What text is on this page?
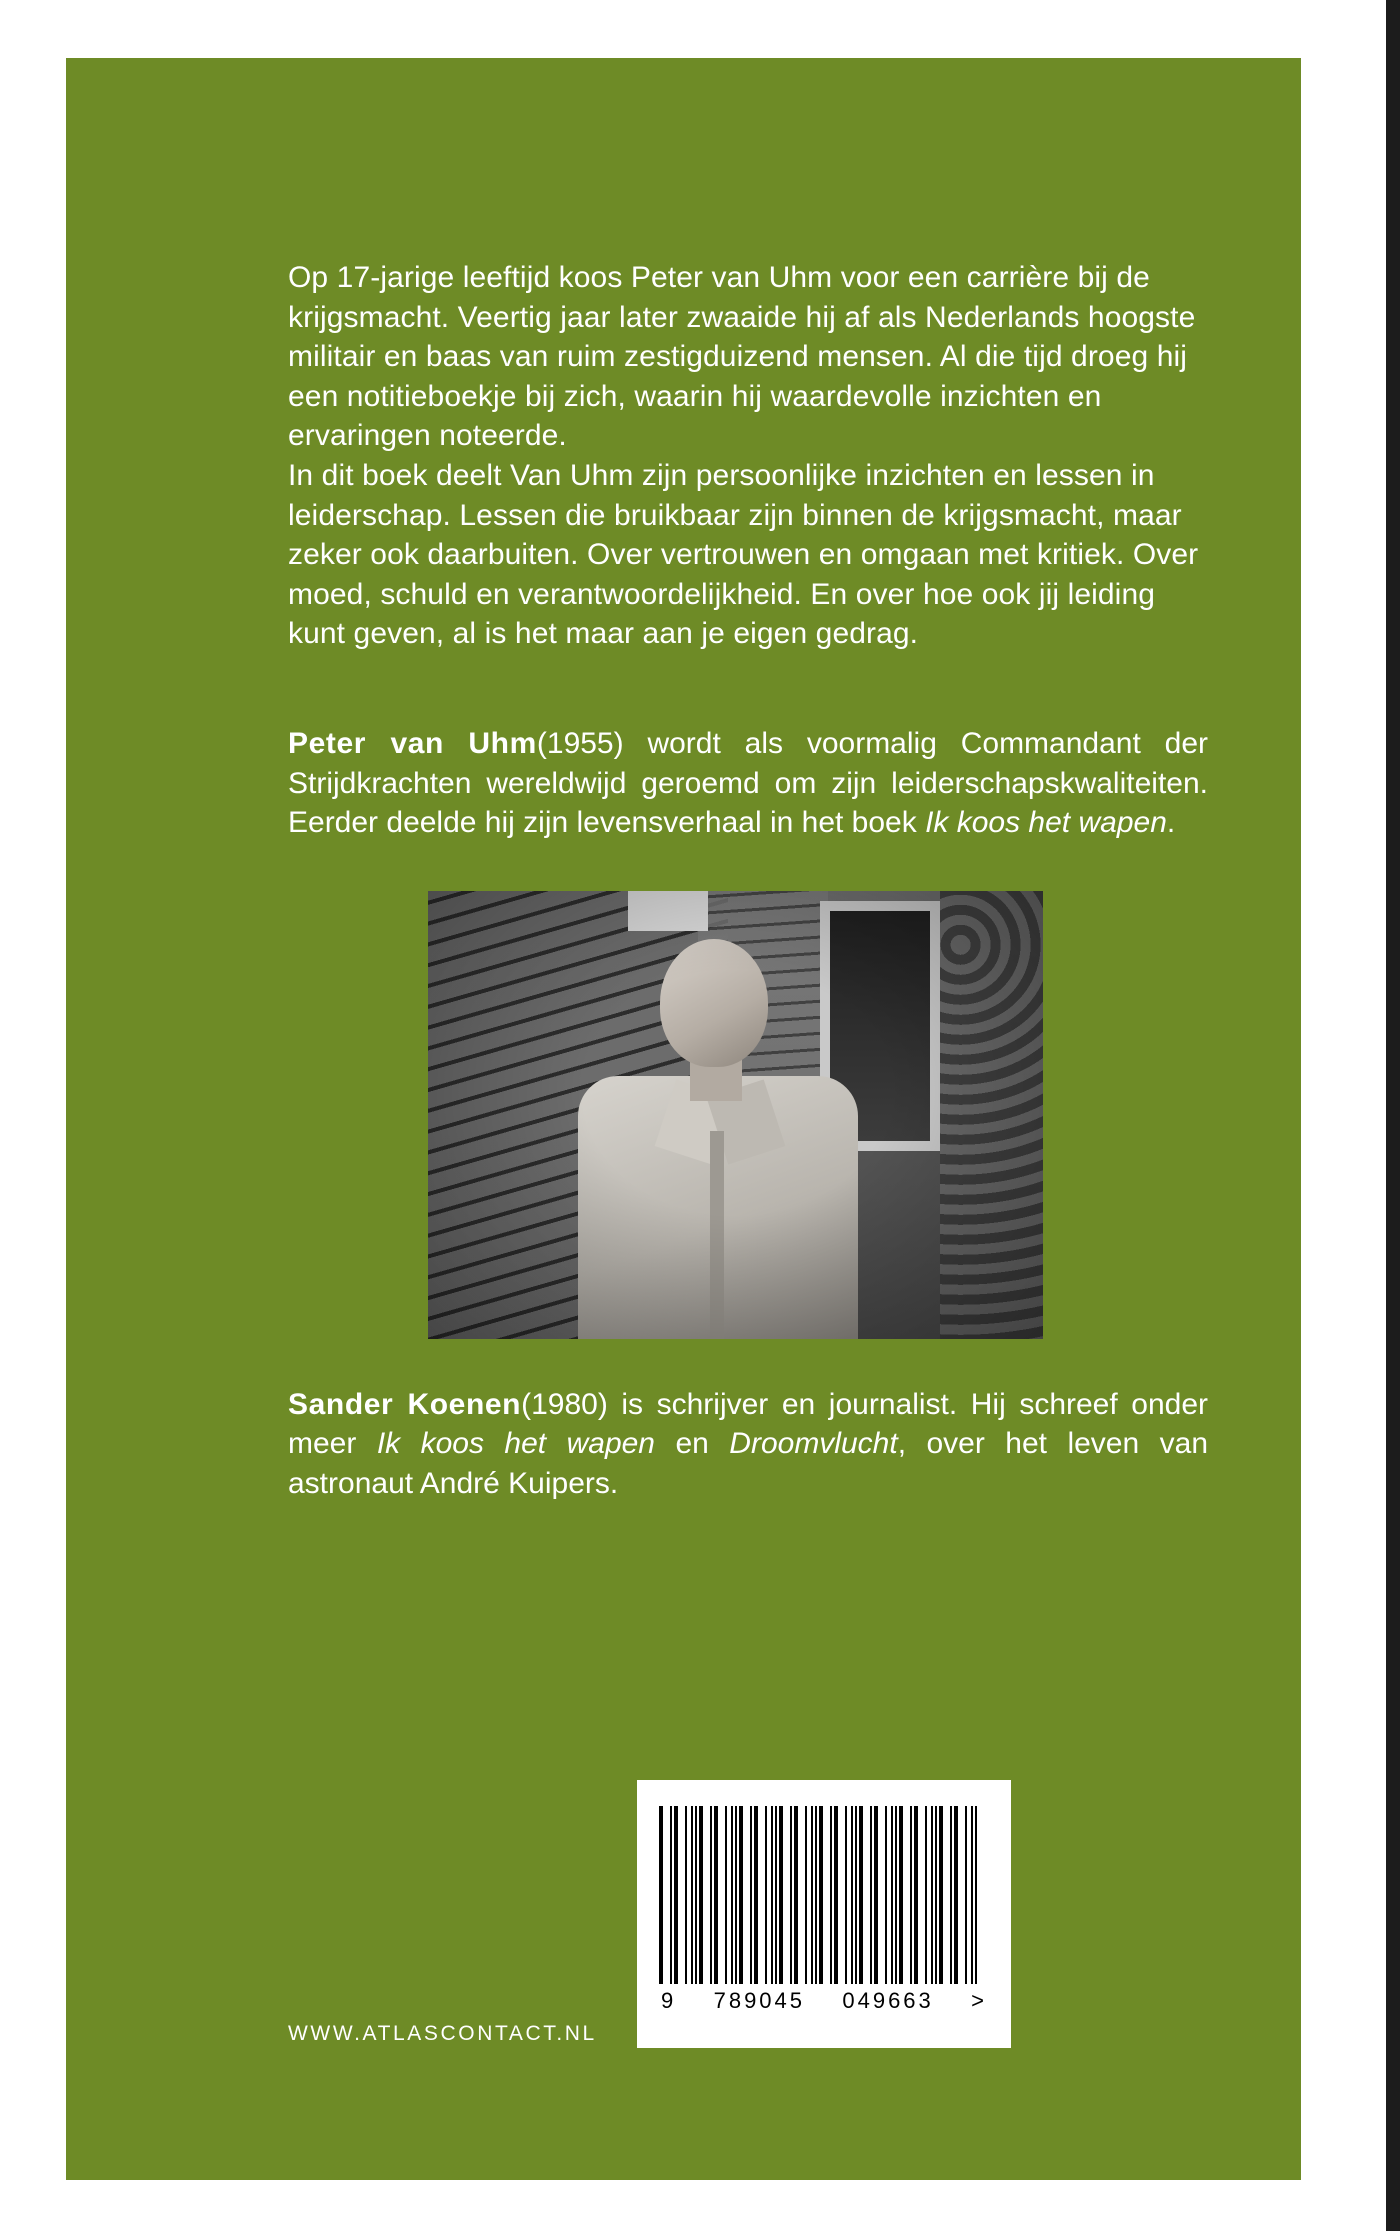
Op 17-jarige leeftijd koos Peter van Uhm voor een carrière bij de krijgsmacht. Veertig jaar later zwaaide hij af als Nederlands hoogste militair en baas van ruim zestigduizend mensen. Al die tijd droeg hij een notitieboekje bij zich, waarin hij waardevolle inzichten en ervaringen noteerde.

In dit boek deelt Van Uhm zijn persoonlijke inzichten en lessen in leiderschap. Lessen die bruikbaar zijn binnen de krijgsmacht, maar zeker ook daarbuiten. Over vertrouwen en omgaan met kritiek. Over moed, schuld en verantwoordelijkheid. En over hoe ook jij leiding kunt geven, al is het maar aan je eigen gedrag.

Peter van Uhm(1955) wordt als voormalig Commandant der Strijdkrachten wereldwijd geroemd om zijn leiderschapskwaliteiten. Eerder deelde hij zijn levensverhaal in het boek Ik koos het wapen.
Sander Koenen(1980) is schrijver en journalist. Hij schreef onder meer Ik koos het wapen en Droomvlucht, over het leven van astronaut André Kuipers.
WWW.ATLASCONTACT.NL
9 789045 049663 >
